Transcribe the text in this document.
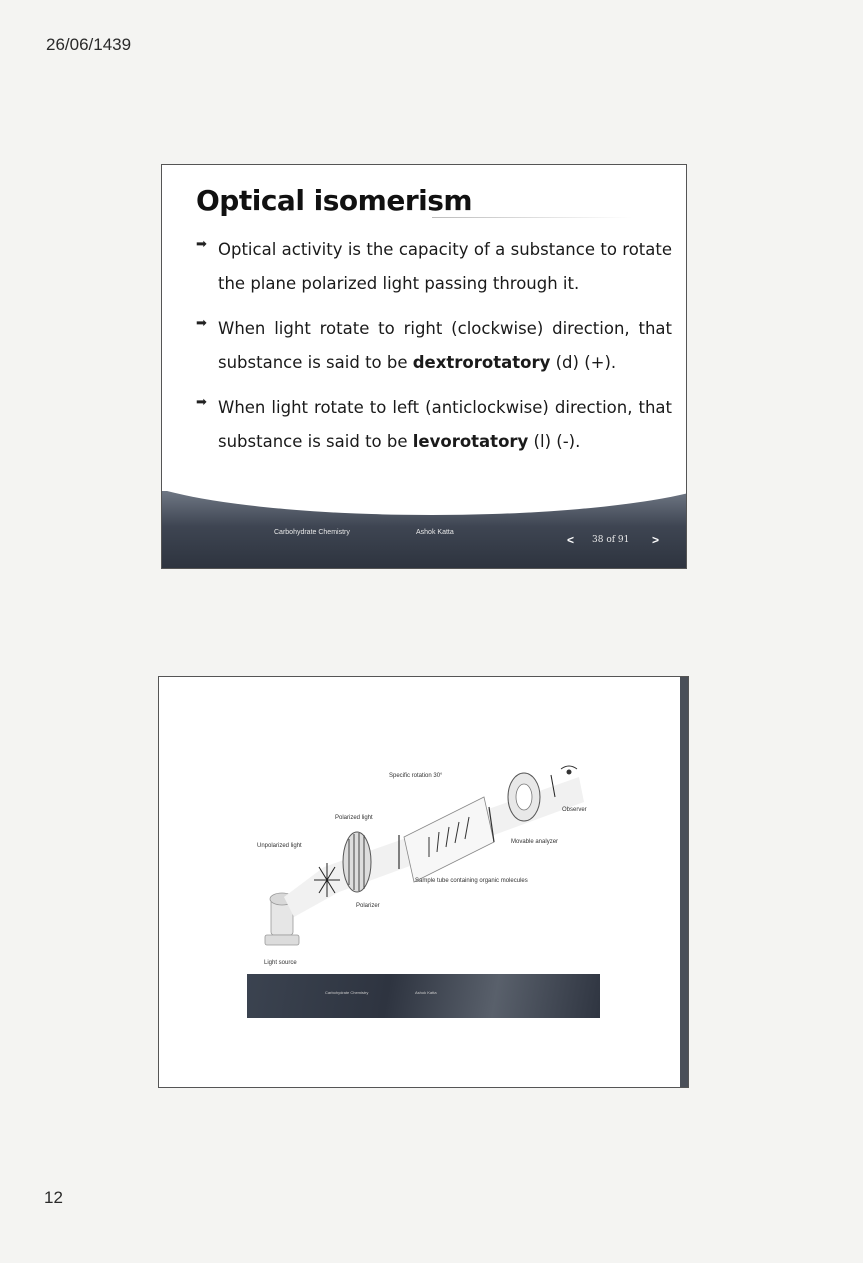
26/06/1439
Optical isomerism
➡ Optical activity is the capacity of a substance to rotate the plane polarized light passing through it.
➡ When light rotate to right (clockwise) direction, that substance is said to be dextrorotatory (d) (+).
➡ When light rotate to left (anticlockwise) direction, that substance is said to be levorotatory (l) (-).
Carbohydrate Chemistry	Ashok Katta
< 38 of 91 >
Specific rotation 30°
Polarized light
Unpolarized light
Polarizer
Sample tube containing organic molecules
Movable analyzer
Observer
Light source
Carbohydrate Chemistry	Ashok Katta
12
